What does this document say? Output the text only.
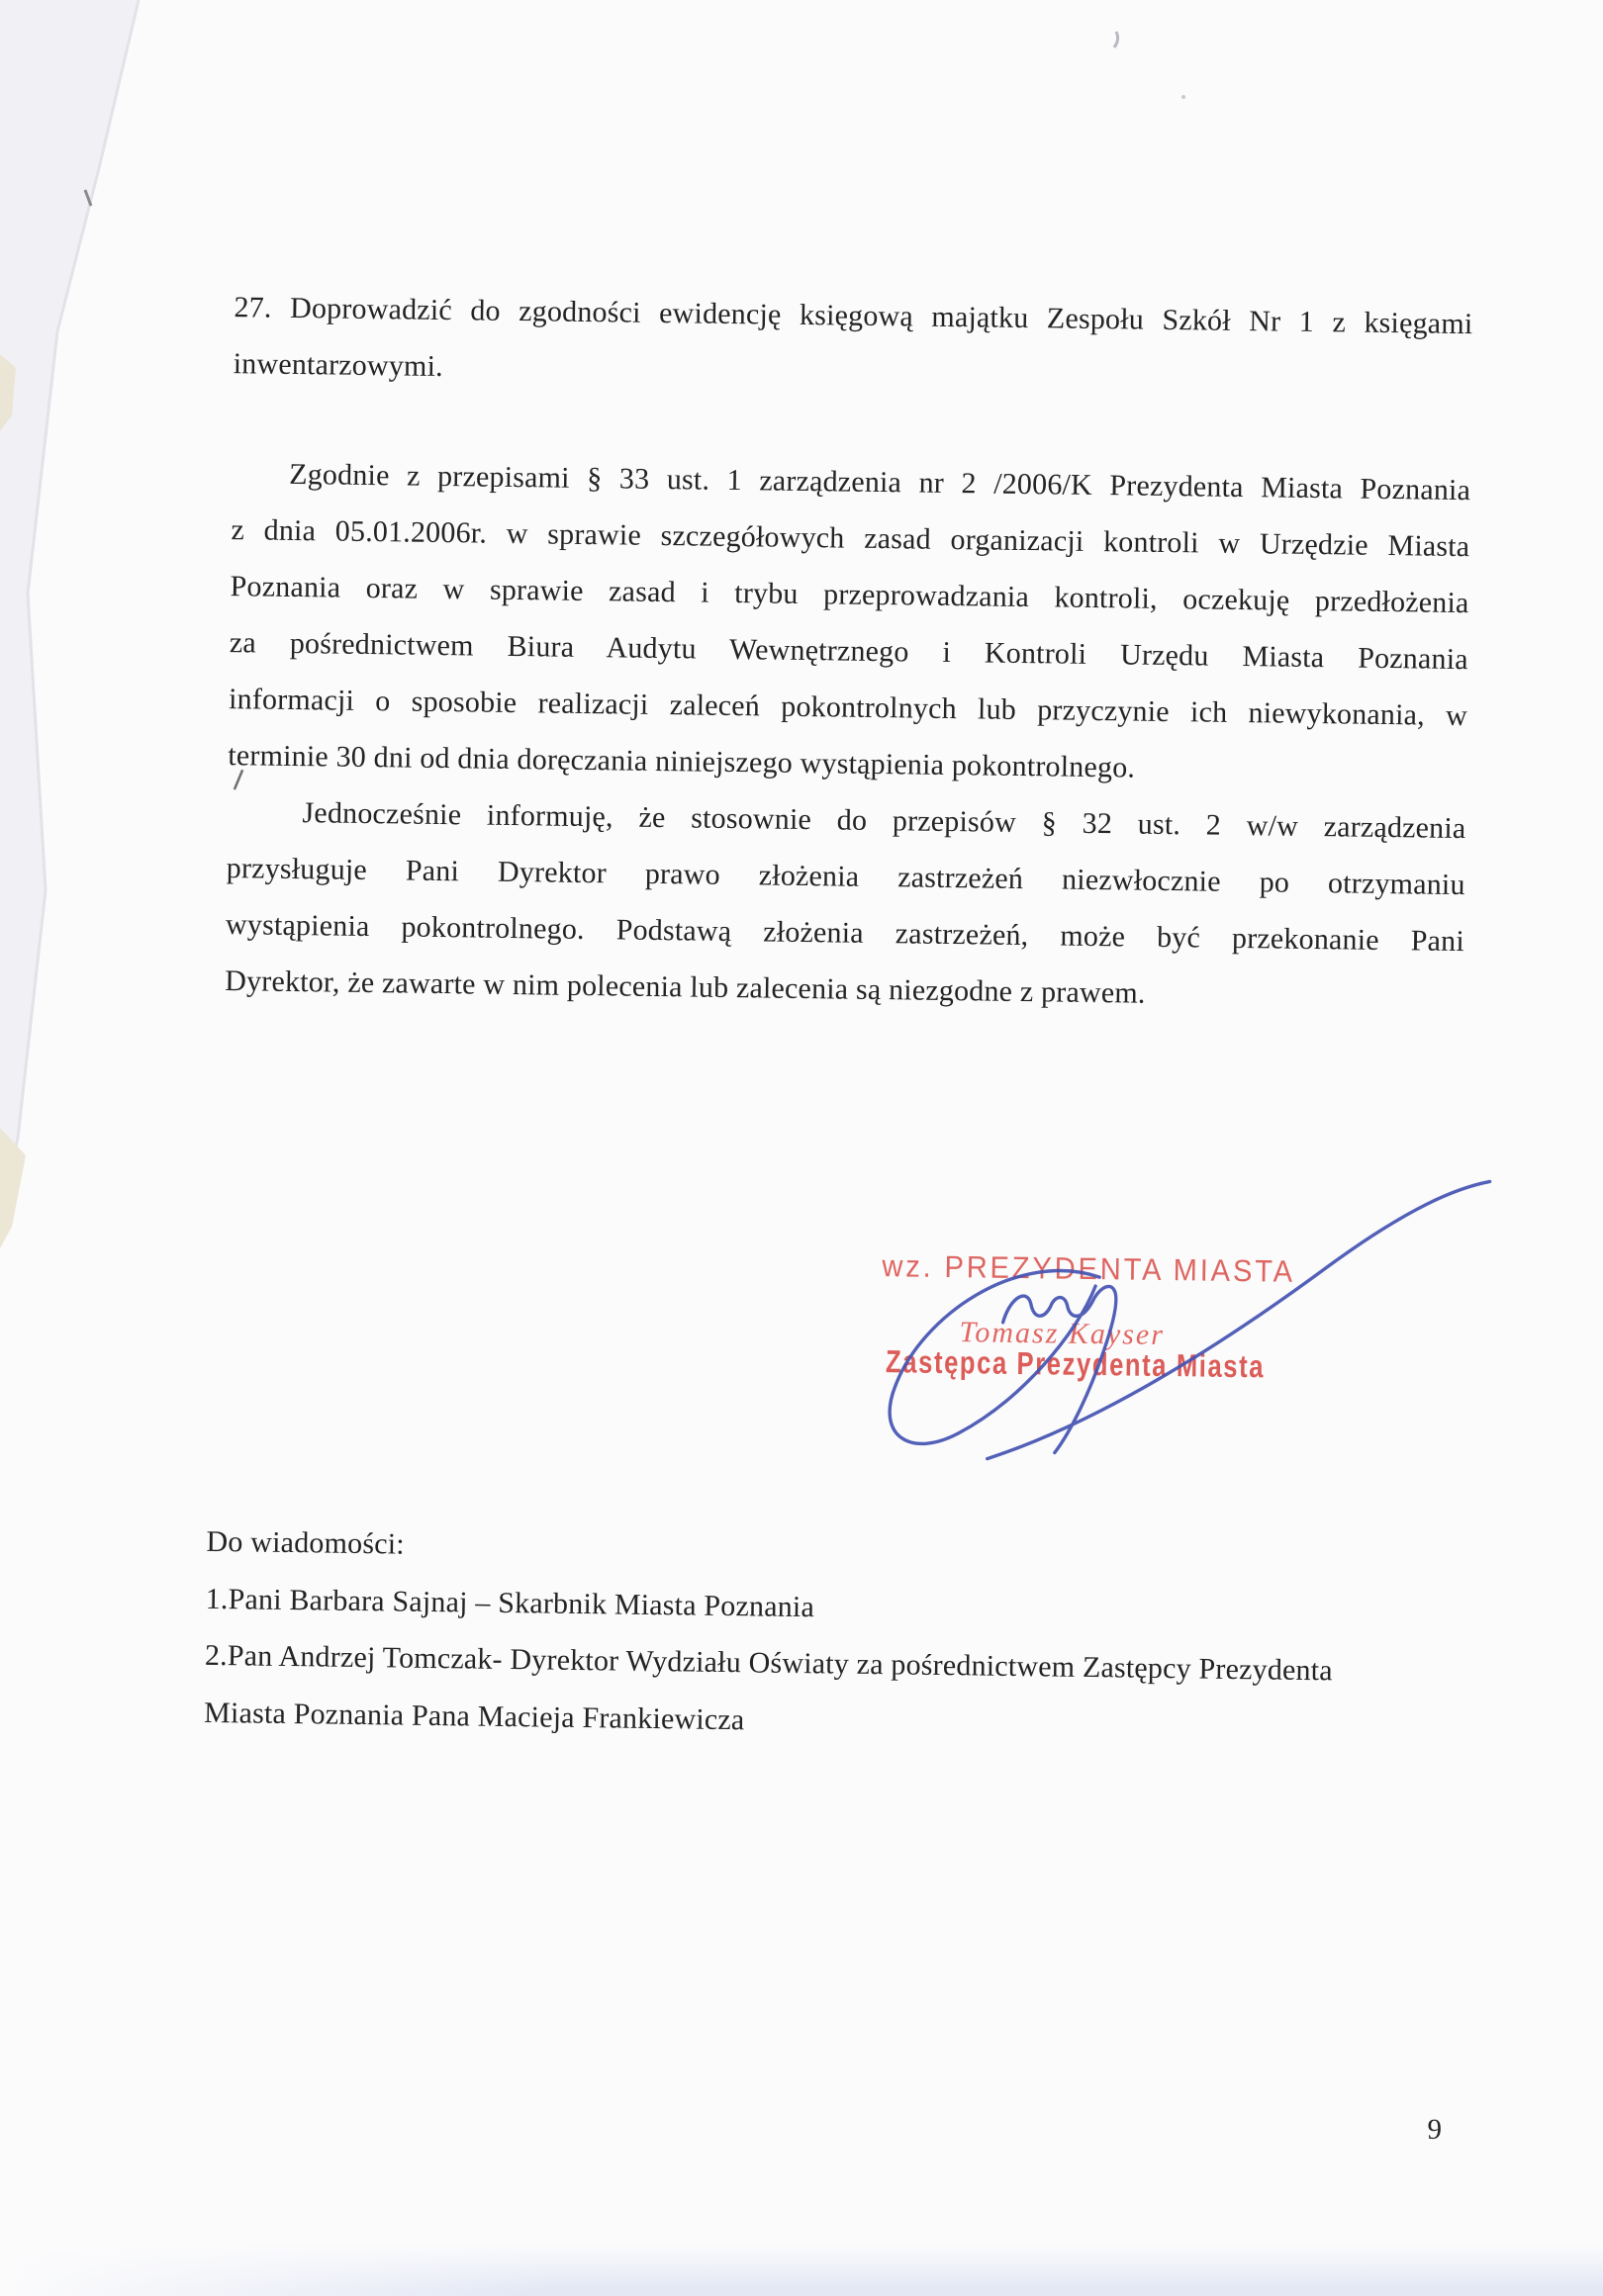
27. Doprowadzić do zgodności ewidencję księgową majątku Zespołu Szkół Nr 1 z księgami
inwentarzowymi.
Zgodnie z przepisami § 33 ust. 1 zarządzenia nr 2 /2006/K Prezydenta Miasta Poznania
z dnia 05.01.2006r. w sprawie szczegółowych zasad organizacji kontroli w Urzędzie Miasta
Poznania oraz w sprawie zasad i trybu przeprowadzania kontroli, oczekuję przedłożenia
za pośrednictwem Biura Audytu Wewnętrznego i Kontroli Urzędu Miasta Poznania
informacji o sposobie realizacji zaleceń pokontrolnych lub przyczynie ich niewykonania, w
terminie 30 dni od dnia doręczania niniejszego wystąpienia pokontrolnego.
Jednocześnie informuję, że stosownie do przepisów § 32 ust. 2 w/w zarządzenia
przysługuje Pani Dyrektor prawo złożenia zastrzeżeń niezwłocznie po otrzymaniu
wystąpienia pokontrolnego. Podstawą złożenia zastrzeżeń, może być przekonanie Pani
Dyrektor, że zawarte w nim polecenia lub zalecenia są niezgodne z prawem.
wz. PREZYDENTA MIASTA
Tomasz Kayser
Zastępca Prezydenta Miasta
Do wiadomości:
1.Pani Barbara Sajnaj – Skarbnik Miasta Poznania
2.Pan Andrzej Tomczak- Dyrektor Wydziału Oświaty za pośrednictwem Zastępcy Prezydenta
Miasta Poznania Pana Macieja Frankiewicza
9
